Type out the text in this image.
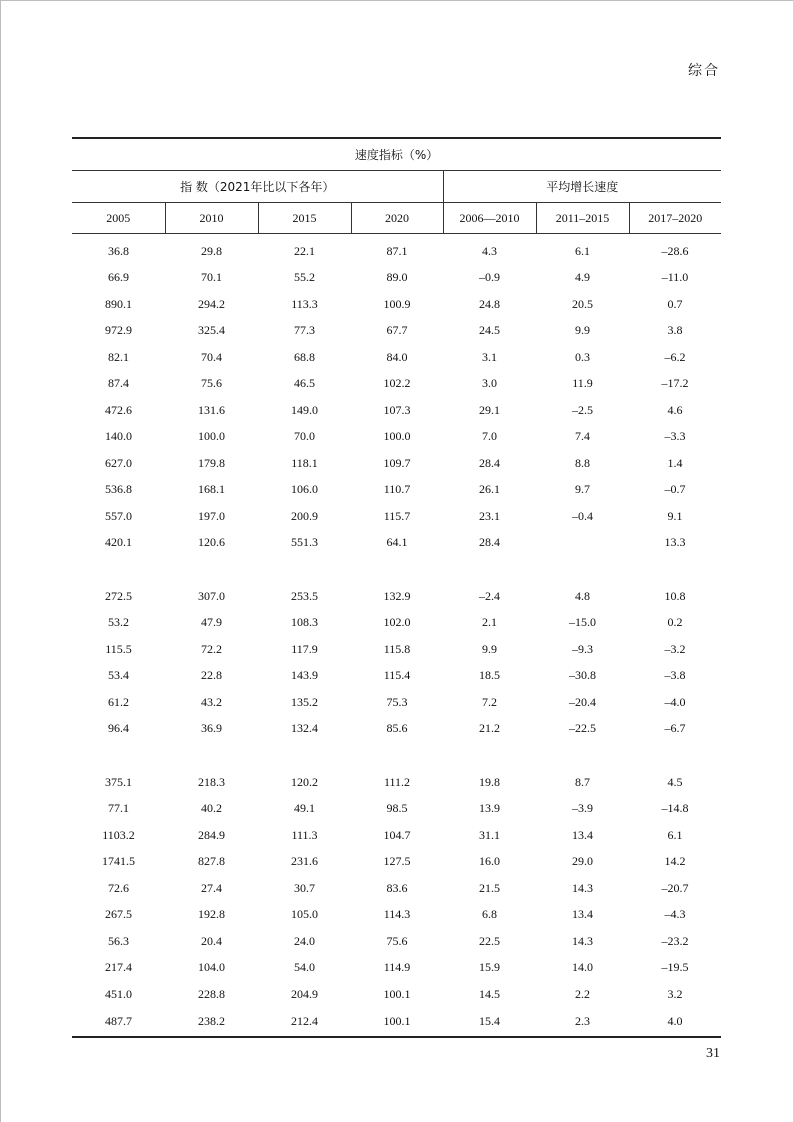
综合
速度指标（%）						
指 数（2021年比以下各年）				平均增长速度		
2005	2010	2015	2020	2006—2010	2011–2015	2017–2020
36.8	29.8	22.1	87.1	4.3	6.1	–28.6
66.9	70.1	55.2	89.0	–0.9	4.9	–11.0
890.1	294.2	113.3	100.9	24.8	20.5	0.7
972.9	325.4	77.3	67.7	24.5	9.9	3.8
82.1	70.4	68.8	84.0	3.1	0.3	–6.2
87.4	75.6	46.5	102.2	3.0	11.9	–17.2
472.6	131.6	149.0	107.3	29.1	–2.5	4.6
140.0	100.0	70.0	100.0	7.0	7.4	–3.3
627.0	179.8	118.1	109.7	28.4	8.8	1.4
536.8	168.1	106.0	110.7	26.1	9.7	–0.7
557.0	197.0	200.9	115.7	23.1	–0.4	9.1
420.1	120.6	551.3	64.1	28.4		13.3

272.5	307.0	253.5	132.9	–2.4	4.8	10.8
53.2	47.9	108.3	102.0	2.1	–15.0	0.2
115.5	72.2	117.9	115.8	9.9	–9.3	–3.2
53.4	22.8	143.9	115.4	18.5	–30.8	–3.8
61.2	43.2	135.2	75.3	7.2	–20.4	–4.0
96.4	36.9	132.4	85.6	21.2	–22.5	–6.7

375.1	218.3	120.2	111.2	19.8	8.7	4.5
77.1	40.2	49.1	98.5	13.9	–3.9	–14.8
1103.2	284.9	111.3	104.7	31.1	13.4	6.1
1741.5	827.8	231.6	127.5	16.0	29.0	14.2
72.6	27.4	30.7	83.6	21.5	14.3	–20.7
267.5	192.8	105.0	114.3	6.8	13.4	–4.3
56.3	20.4	24.0	75.6	22.5	14.3	–23.2
217.4	104.0	54.0	114.9	15.9	14.0	–19.5
451.0	228.8	204.9	100.1	14.5	2.2	3.2
487.7	238.2	212.4	100.1	15.4	2.3	4.0
31
